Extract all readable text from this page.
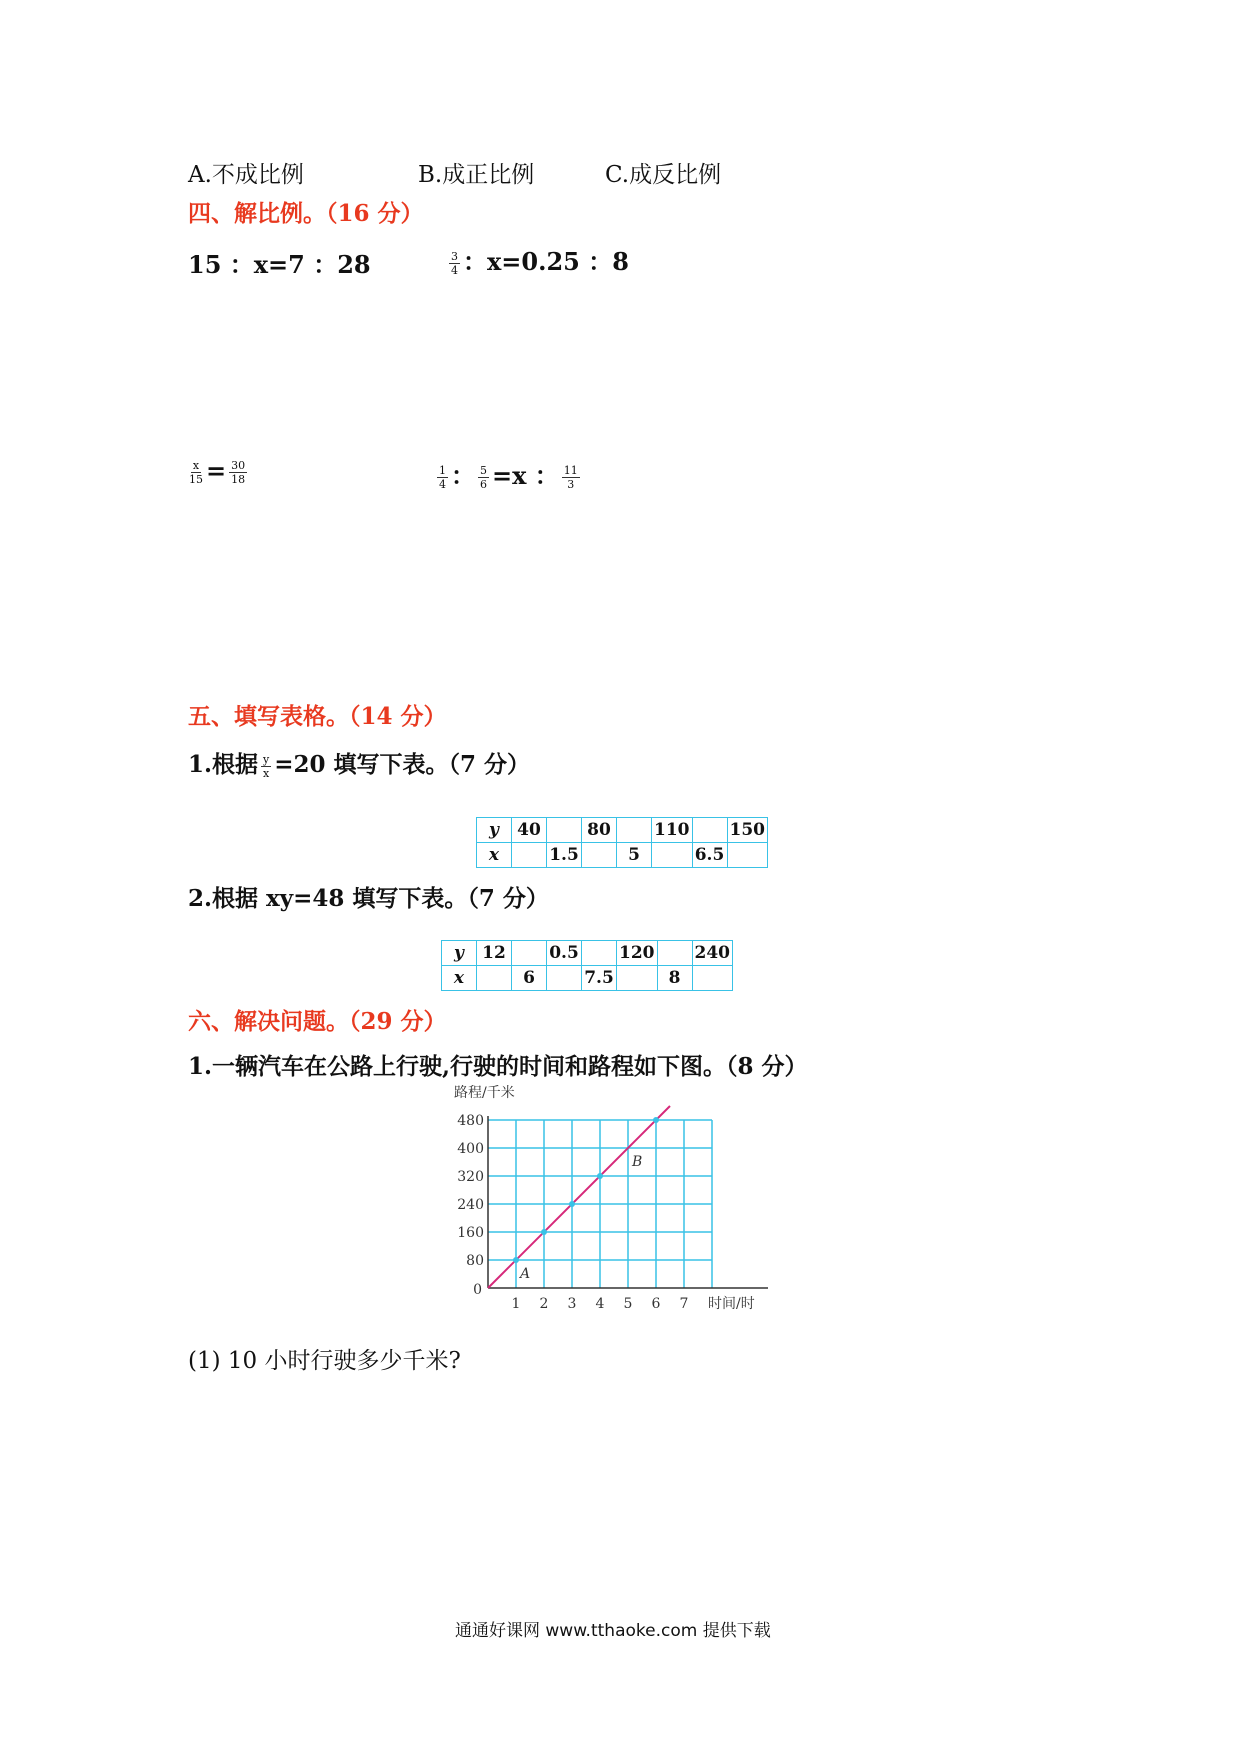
A.不成比例	B.成正比例	C.成反比例
四、解比例。（16 分）
15 ：x=7 ：28	$\frac{3}{4}$ ：x=0.25 ：8
$\frac{x}{15} = \frac{30}{18}$	$\frac{1}{4}$ ： $\frac{5}{6} =x$ ： $\frac{11}{3}$
五、填写表格。（14 分）
1.根据 $\frac{y}{x} =20$ 填写下表。（7 分）
y	40		80		110		150
x		1.5		5		6.5	
2.根据 xy=48 填写下表。（7 分）
y	12		0.5		120		240
x		6		7.5		8	
六、解决问题。（29 分）
1.一辆汽车在公路上行驶,行驶的时间和路程如下图。（8 分）
80
160
240
320
400
480
0
1 2 3 4 5 6 7
路程/千米
时间/时
A
B
(1) 10 小时行驶多少千米?
通通好课网 www.tthaoke.com 提供下载
